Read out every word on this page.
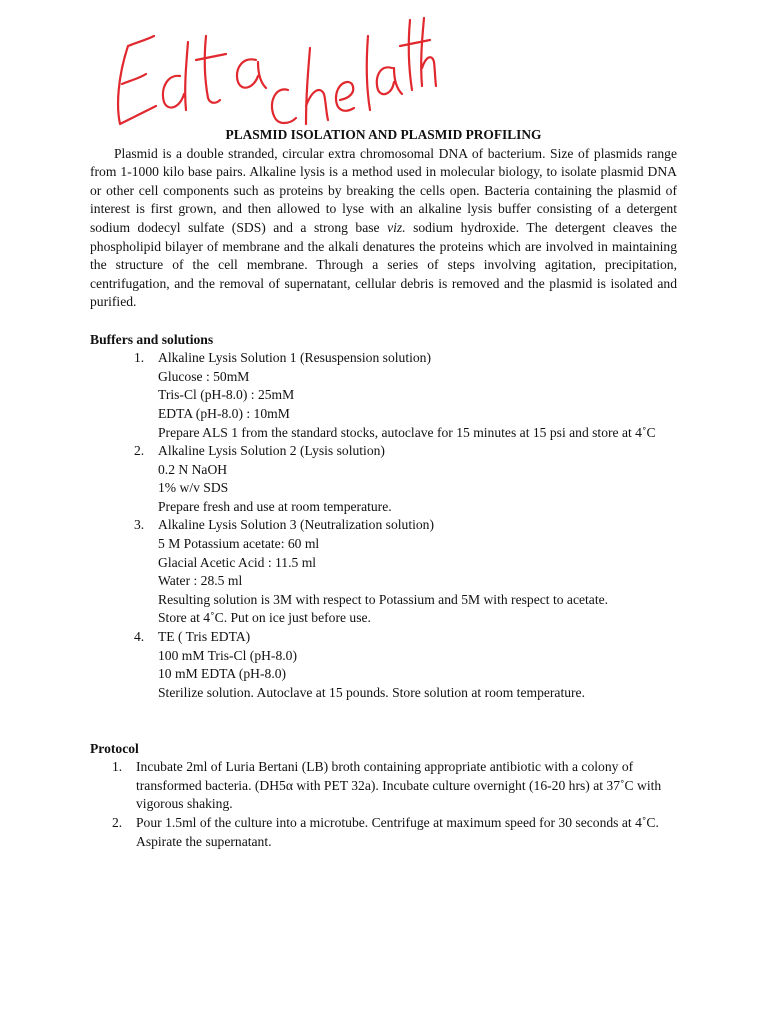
PLASMID ISOLATION AND PLASMID PROFILING

Plasmid is a double stranded, circular extra chromosomal DNA of bacterium. Size of plasmids range from 1-1000 kilo base pairs. Alkaline lysis is a method used in molecular biology, to isolate plasmid DNA or other cell components such as proteins by breaking the cells open. Bacteria containing the plasmid of interest is first grown, and then allowed to lyse with an alkaline lysis buffer consisting of a detergent sodium dodecyl sulfate (SDS) and a strong base viz. sodium hydroxide. The detergent cleaves the phospholipid bilayer of membrane and the alkali denatures the proteins which are involved in maintaining the structure of the cell membrane. Through a series of steps involving agitation, precipitation, centrifugation, and the removal of supernatant, cellular debris is removed and the plasmid is isolated and purified.

Buffers and solutions

1. Alkaline Lysis Solution 1 (Resuspension solution)

Glucose : 50mM

Tris-Cl (pH-8.0) : 25mM

EDTA (pH-8.0) : 10mM

Prepare ALS 1 from the standard stocks, autoclave for 15 minutes at 15 psi and store at 4˚C

2. Alkaline Lysis Solution 2 (Lysis solution)

0.2 N NaOH

1% w/v SDS

Prepare fresh and use at room temperature.

3. Alkaline Lysis Solution 3 (Neutralization solution)

5 M Potassium acetate: 60 ml

Glacial Acetic Acid : 11.5 ml

Water : 28.5 ml

Resulting solution is 3M with respect to Potassium and 5M with respect to acetate.

Store at 4˚C. Put on ice just before use.

4. TE ( Tris EDTA)

100 mM Tris-Cl (pH-8.0)

10 mM EDTA (pH-8.0)

Sterilize solution. Autoclave at 15 pounds. Store solution at room temperature.

Protocol

1. Incubate 2ml of Luria Bertani (LB) broth containing appropriate antibiotic with a colony of transformed bacteria. (DH5α with PET 32a). Incubate culture overnight (16-20 hrs) at 37˚C with vigorous shaking.

2. Pour 1.5ml of the culture into a microtube. Centrifuge at maximum speed for 30 seconds at 4˚C. Aspirate the supernatant.
